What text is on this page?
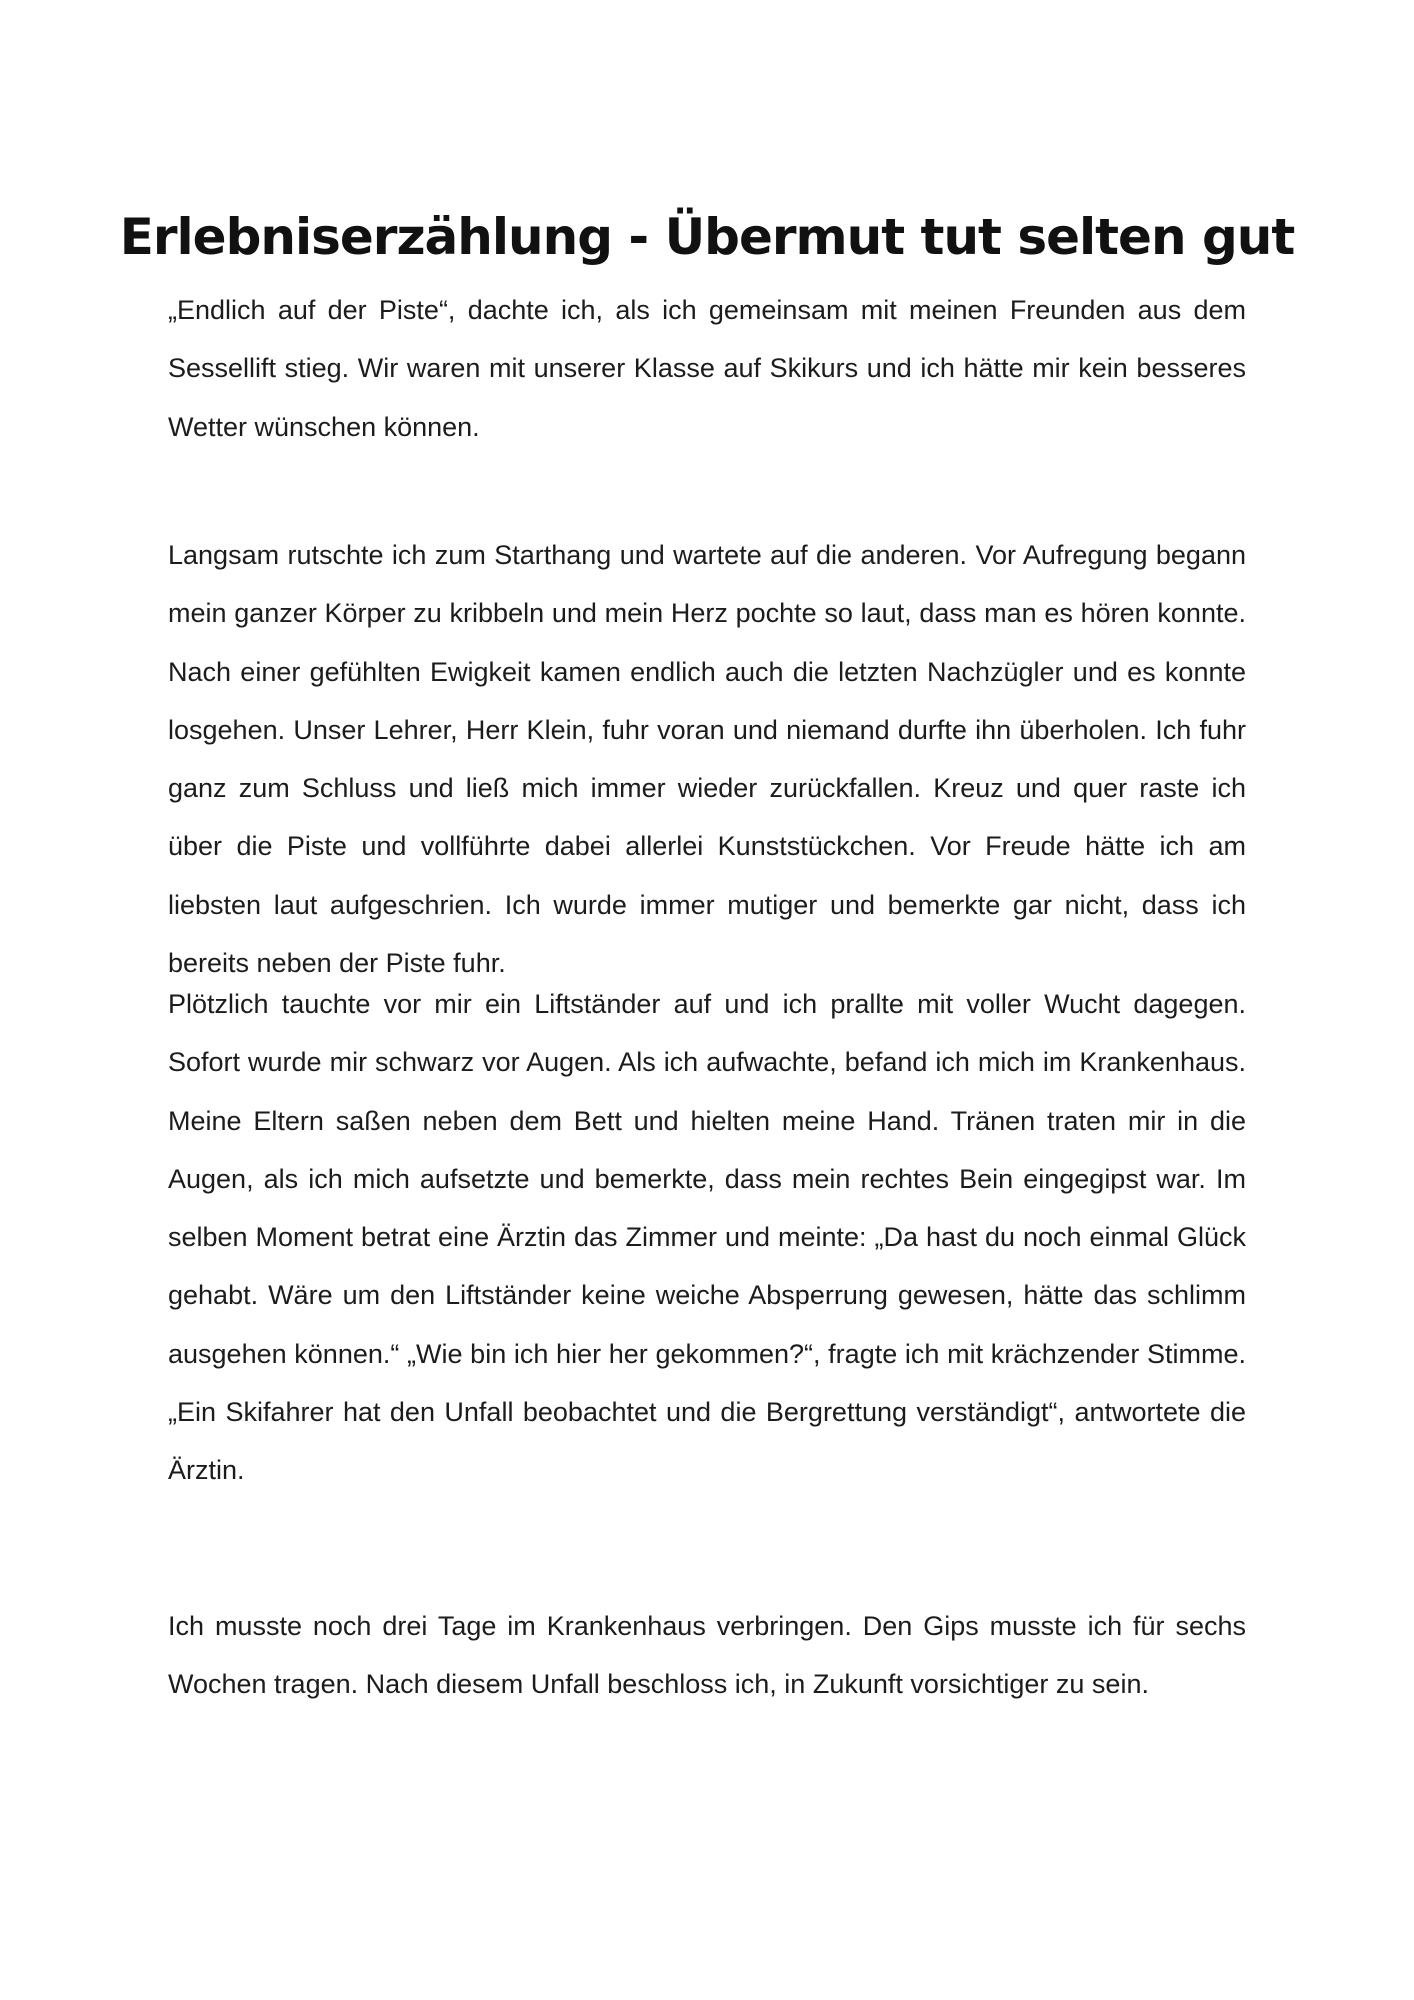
Erlebniserzählung - Übermut tut selten gut

„Endlich auf der Piste“, dachte ich, als ich gemeinsam mit meinen Freunden aus dem Sessellift stieg. Wir waren mit unserer Klasse auf Skikurs und ich hätte mir kein besseres Wetter wünschen können.

Langsam rutschte ich zum Starthang und wartete auf die anderen. Vor Aufregung begann mein ganzer Körper zu kribbeln und mein Herz pochte so laut, dass man es hören konnte. Nach einer gefühlten Ewigkeit kamen endlich auch die letzten Nachzügler und es konnte losgehen. Unser Lehrer, Herr Klein, fuhr voran und niemand durfte ihn überholen. Ich fuhr ganz zum Schluss und ließ mich immer wieder zurückfallen. Kreuz und quer raste ich über die Piste und vollführte dabei allerlei Kunststückchen. Vor Freude hätte ich am liebsten laut aufgeschrien. Ich wurde immer mutiger und bemerkte gar nicht, dass ich bereits neben der Piste fuhr.

Plötzlich tauchte vor mir ein Liftständer auf und ich prallte mit voller Wucht dagegen. Sofort wurde mir schwarz vor Augen. Als ich aufwachte, befand ich mich im Krankenhaus. Meine Eltern saßen neben dem Bett und hielten meine Hand. Tränen traten mir in die Augen, als ich mich aufsetzte und bemerkte, dass mein rechtes Bein eingegipst war. Im selben Moment betrat eine Ärztin das Zimmer und meinte: „Da hast du noch einmal Glück gehabt. Wäre um den Liftständer keine weiche Absperrung gewesen, hätte das schlimm ausgehen können.“ „Wie bin ich hier her gekommen?“, fragte ich mit krächzender Stimme. „Ein Skifahrer hat den Unfall beobachtet und die Bergrettung verständigt“, antwortete die Ärztin.

Ich musste noch drei Tage im Krankenhaus verbringen. Den Gips musste ich für sechs Wochen tragen. Nach diesem Unfall beschloss ich, in Zukunft vorsichtiger zu sein.
